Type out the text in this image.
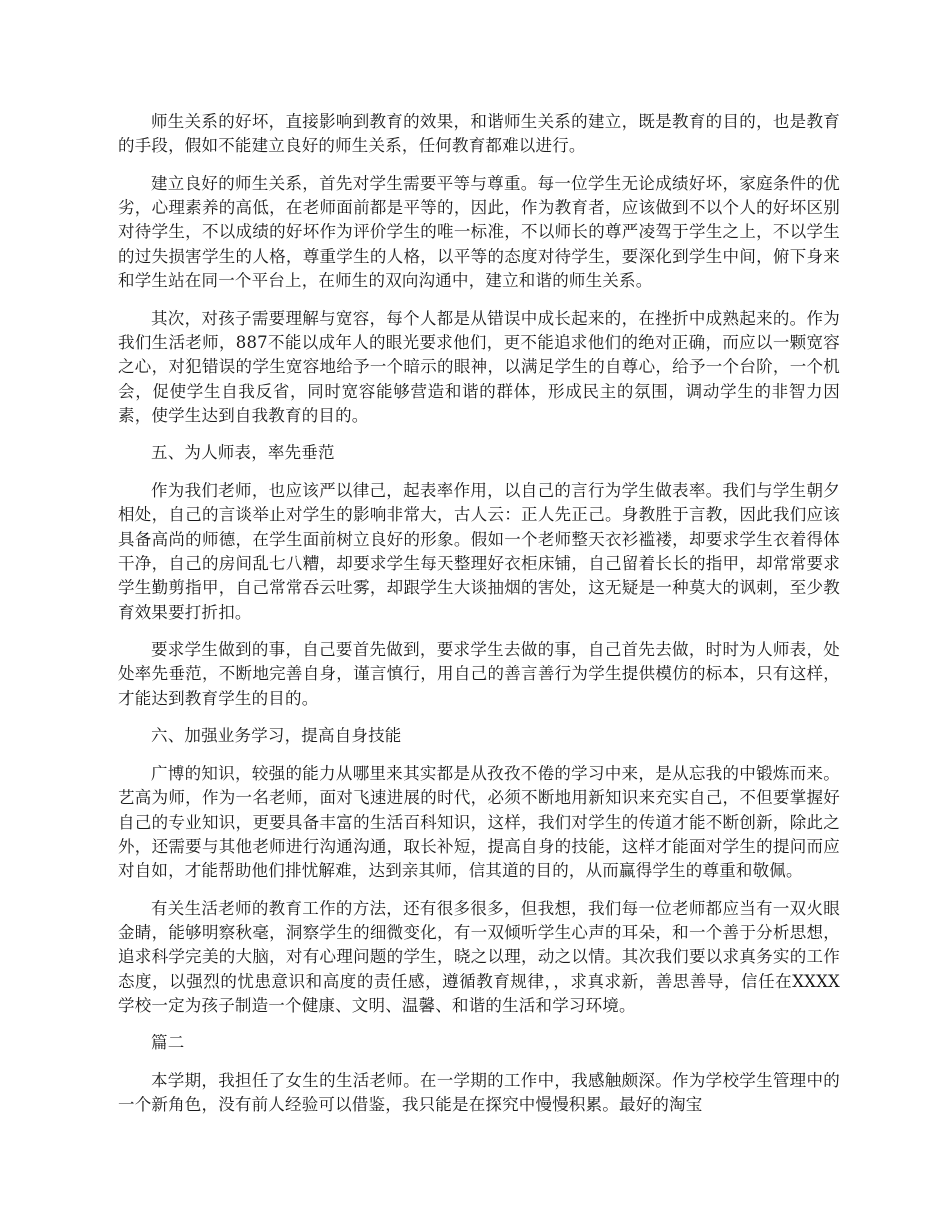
师生关系的好坏，直接影响到教育的效果，和谐师生关系的建立，既是教育的目的，也是教育的手段，假如不能建立良好的师生关系，任何教育都难以进行。

建立良好的师生关系，首先对学生需要平等与尊重。每一位学生无论成绩好坏，家庭条件的优劣，心理素养的高低，在老师面前都是平等的，因此，作为教育者，应该做到不以个人的好坏区别对待学生，不以成绩的好坏作为评价学生的唯一标准，不以师长的尊严凌驾于学生之上，不以学生的过失损害学生的人格，尊重学生的人格，以平等的态度对待学生，要深化到学生中间，俯下身来和学生站在同一个平台上，在师生的双向沟通中，建立和谐的师生关系。

其次，对孩子需要理解与宽容，每个人都是从错误中成长起来的，在挫折中成熟起来的。作为我们生活老师，887不能以成年人的眼光要求他们，更不能追求他们的绝对正确，而应以一颗宽容之心，对犯错误的学生宽容地给予一个暗示的眼神，以满足学生的自尊心，给予一个台阶，一个机会，促使学生自我反省，同时宽容能够营造和谐的群体，形成民主的氛围，调动学生的非智力因素，使学生达到自我教育的目的。

五、为人师表，率先垂范

作为我们老师，也应该严以律己，起表率作用，以自己的言行为学生做表率。我们与学生朝夕相处，自己的言谈举止对学生的影响非常大，古人云：正人先正己。身教胜于言教，因此我们应该具备高尚的师德，在学生面前树立良好的形象。假如一个老师整天衣衫褴褛，却要求学生衣着得体干净，自己的房间乱七八糟，却要求学生每天整理好衣柜床铺，自己留着长长的指甲，却常常要求学生勤剪指甲，自己常常吞云吐雾，却跟学生大谈抽烟的害处，这无疑是一种莫大的讽刺，至少教育效果要打折扣。

要求学生做到的事，自己要首先做到，要求学生去做的事，自己首先去做，时时为人师表，处处率先垂范，不断地完善自身，谨言慎行，用自己的善言善行为学生提供模仿的标本，只有这样，才能达到教育学生的目的。

六、加强业务学习，提高自身技能

广博的知识，较强的能力从哪里来其实都是从孜孜不倦的学习中来，是从忘我的中锻炼而来。艺高为师，作为一名老师，面对飞速进展的时代，必须不断地用新知识来充实自己，不但要掌握好自己的专业知识，更要具备丰富的生活百科知识，这样，我们对学生的传道才能不断创新，除此之外，还需要与其他老师进行沟通沟通，取长补短，提高自身的技能，这样才能面对学生的提问而应对自如，才能帮助他们排忧解难，达到亲其师，信其道的目的，从而赢得学生的尊重和敬佩。

有关生活老师的教育工作的方法，还有很多很多，但我想，我们每一位老师都应当有一双火眼金睛，能够明察秋毫，洞察学生的细微变化，有一双倾听学生心声的耳朵，和一个善于分析思想，追求科学完美的大脑，对有心理问题的学生，晓之以理，动之以情。其次我们要以求真务实的工作态度，以强烈的忧患意识和高度的责任感，遵循教育规律，，求真求新，善思善导，信任在XXXX学校一定为孩子制造一个健康、文明、温馨、和谐的生活和学习环境。

篇二

本学期，我担任了女生的生活老师。在一学期的工作中，我感触颇深。作为学校学生管理中的一个新角色，没有前人经验可以借鉴，我只能是在探究中慢慢积累。最好的淘宝
